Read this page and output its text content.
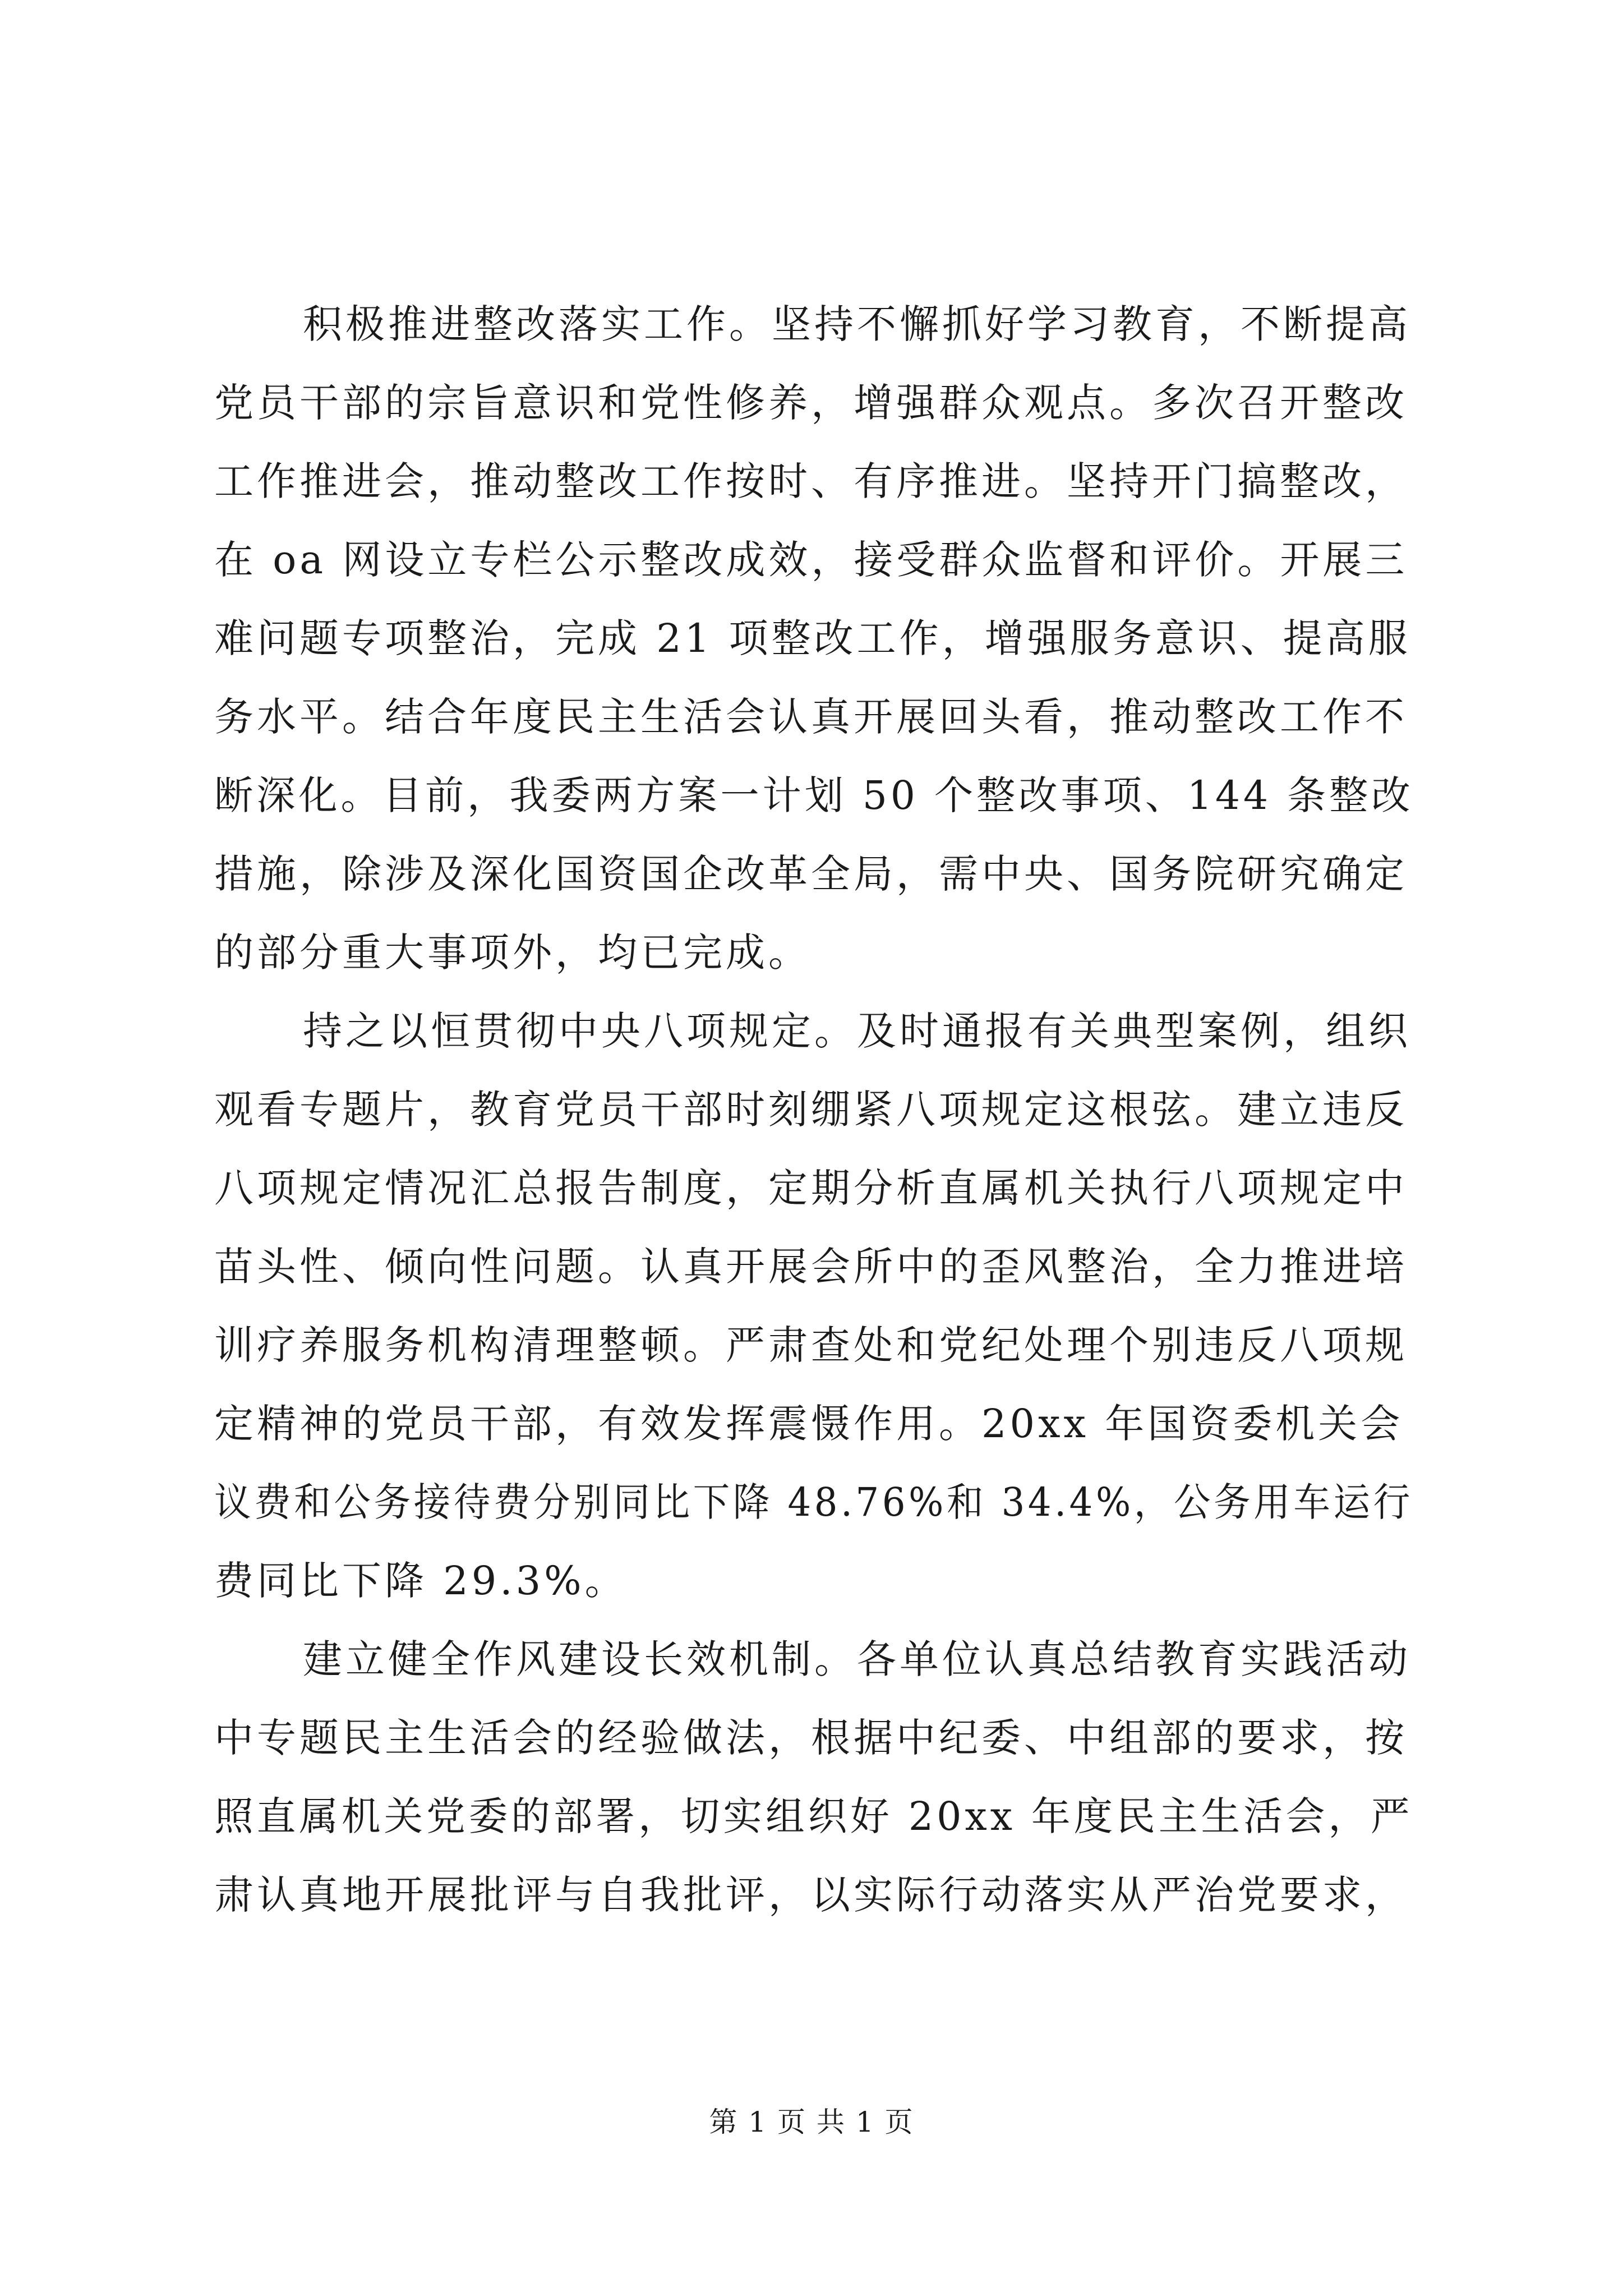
积极推进整改落实工作。坚持不懈抓好学习教育，不断提高
党员干部的宗旨意识和党性修养，增强群众观点。多次召开整改
工作推进会，推动整改工作按时、有序推进。坚持开门搞整改，
在 oa 网设立专栏公示整改成效，接受群众监督和评价。开展三
难问题专项整治，完成 21 项整改工作，增强服务意识、提高服
务水平。结合年度民主生活会认真开展回头看，推动整改工作不
断深化。目前，我委两方案一计划 50 个整改事项、144 条整改
措施，除涉及深化国资国企改革全局，需中央、国务院研究确定
的部分重大事项外，均已完成。
持之以恒贯彻中央八项规定。及时通报有关典型案例，组织
观看专题片，教育党员干部时刻绷紧八项规定这根弦。建立违反
八项规定情况汇总报告制度，定期分析直属机关执行八项规定中
苗头性、倾向性问题。认真开展会所中的歪风整治，全力推进培
训疗养服务机构清理整顿。严肃查处和党纪处理个别违反八项规
定精神的党员干部，有效发挥震慑作用。20xx 年国资委机关会
议费和公务接待费分别同比下降 48.76%和 34.4%，公务用车运行
费同比下降 29.3%。
建立健全作风建设长效机制。各单位认真总结教育实践活动
中专题民主生活会的经验做法，根据中纪委、中组部的要求，按
照直属机关党委的部署，切实组织好 20xx 年度民主生活会，严
肃认真地开展批评与自我批评，以实际行动落实从严治党要求，
第 1 页 共 1 页
